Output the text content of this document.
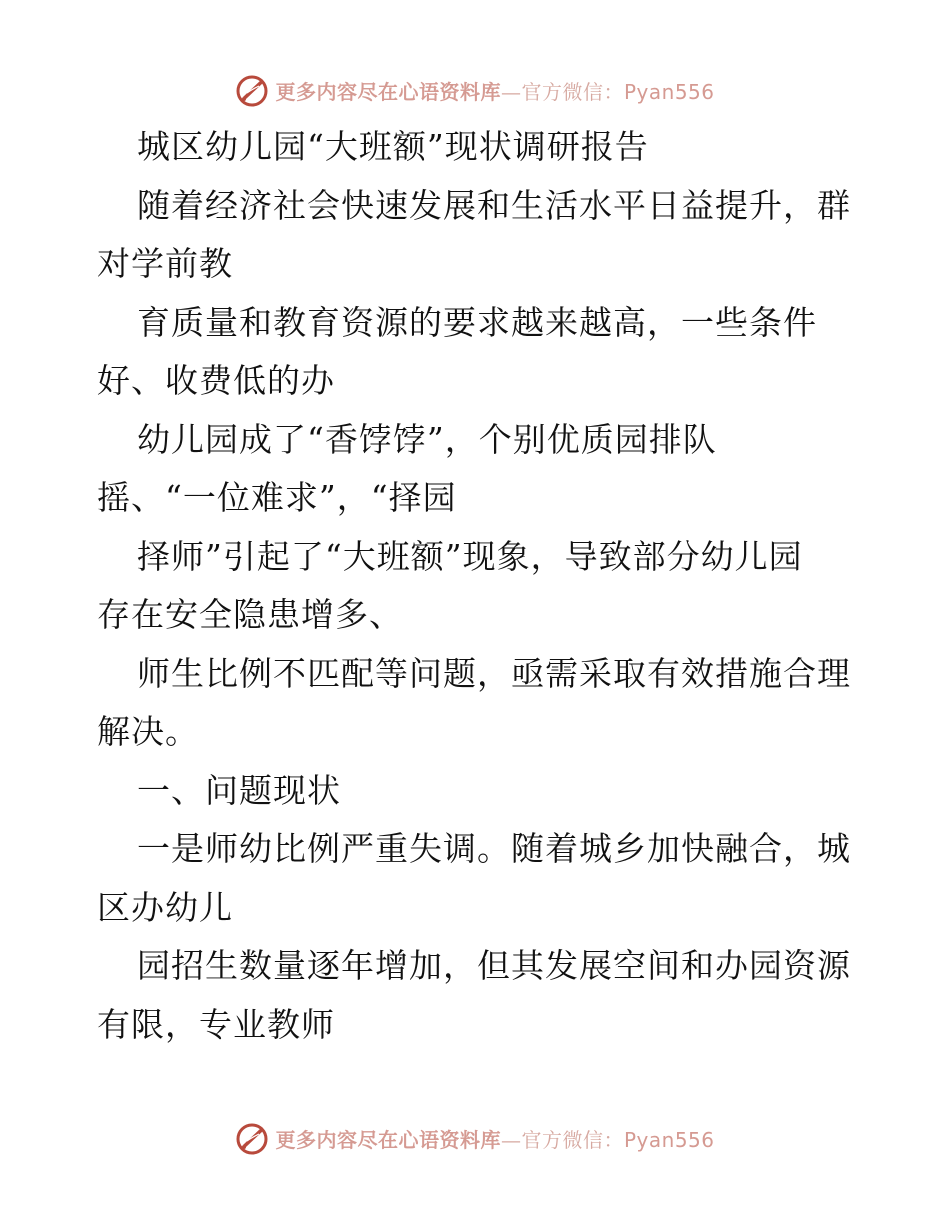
更多内容尽在心语资料库—官方微信：Pyan556
城区幼儿园“大班额”现状调研报告
随着经济社会快速发展和生活水平日益提升，群
对学前教
育质量和教育资源的要求越来越高，一些条件
好、收费低的办
幼儿园成了“香饽饽”，个别优质园排队
摇、“一位难求”，“择园
择师”引起了“大班额”现象，导致部分幼儿园
存在安全隐患增多、
师生比例不匹配等问题，亟需采取有效措施合理
解决。
一、问题现状
一是师幼比例严重失调。随着城乡加快融合，城
区办幼儿
园招生数量逐年增加，但其发展空间和办园资源
有限，专业教师
更多内容尽在心语资料库—官方微信：Pyan556
